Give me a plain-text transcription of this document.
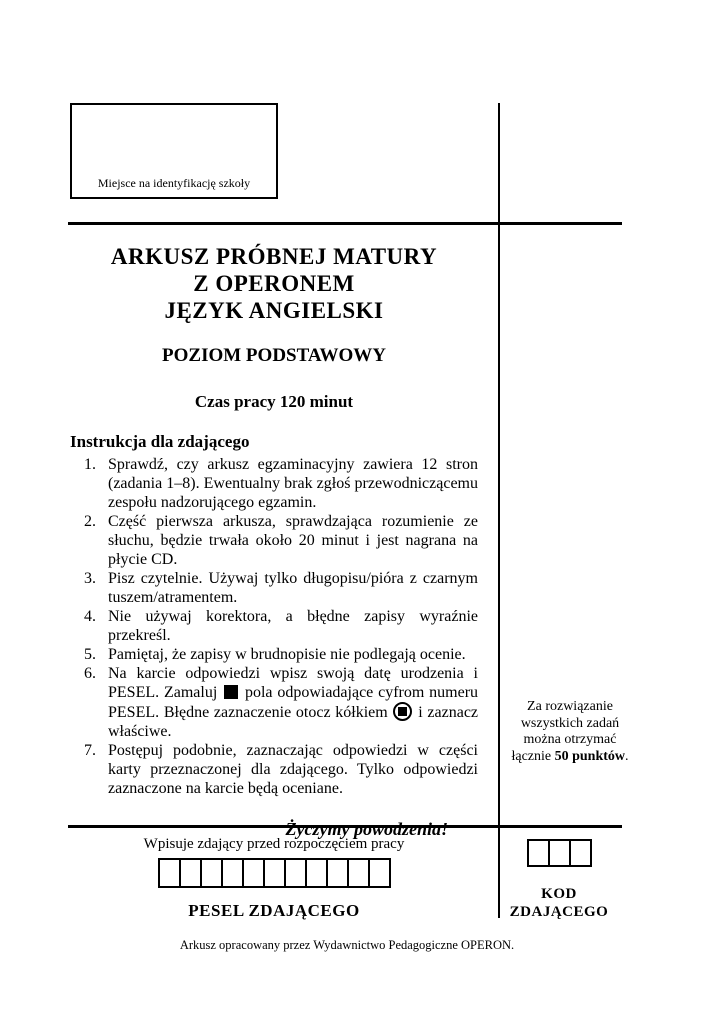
Miejsce na identyfikację szkoły
ARKUSZ PRÓBNEJ MATURY
Z OPERONEM
JĘZYK ANGIELSKI
POZIOM PODSTAWOWY
Czas pracy 120 minut
Instrukcja dla zdającego
1. Sprawdź, czy arkusz egzaminacyjny zawiera 12 stron (zadania 1–8). Ewentualny brak zgłoś przewodniczącemu zespołu nadzorującego egzamin.
2. Część pierwsza arkusza, sprawdzająca rozumienie ze słuchu, będzie trwała około 20 minut i jest nagrana na płycie CD.
3. Pisz czytelnie. Używaj tylko długopisu/pióra z czarnym tuszem/atramentem.
4. Nie używaj korektora, a błędne zapisy wyraźnie przekreśl.
5. Pamiętaj, że zapisy w brudnopisie nie podlegają ocenie.
6. Na karcie odpowiedzi wpisz swoją datę urodzenia i PESEL. Zamaluj pola odpowiadające cyfrom numeru PESEL. Błędne zaznaczenie otocz kółkiem i zaznacz właściwe.
7. Postępuj podobnie, zaznaczając odpowiedzi w części karty przeznaczonej dla zdającego. Tylko odpowiedzi zaznaczone na karcie będą oceniane.
Życzymy powodzenia!
Za rozwiązanie
wszystkich zadań
można otrzymać
łącznie 50 punktów.
Wpisuje zdający przed rozpoczęciem pracy
PESEL ZDAJĄCEGO
KOD
ZDAJĄCEGO
Arkusz opracowany przez Wydawnictwo Pedagogiczne OPERON.
